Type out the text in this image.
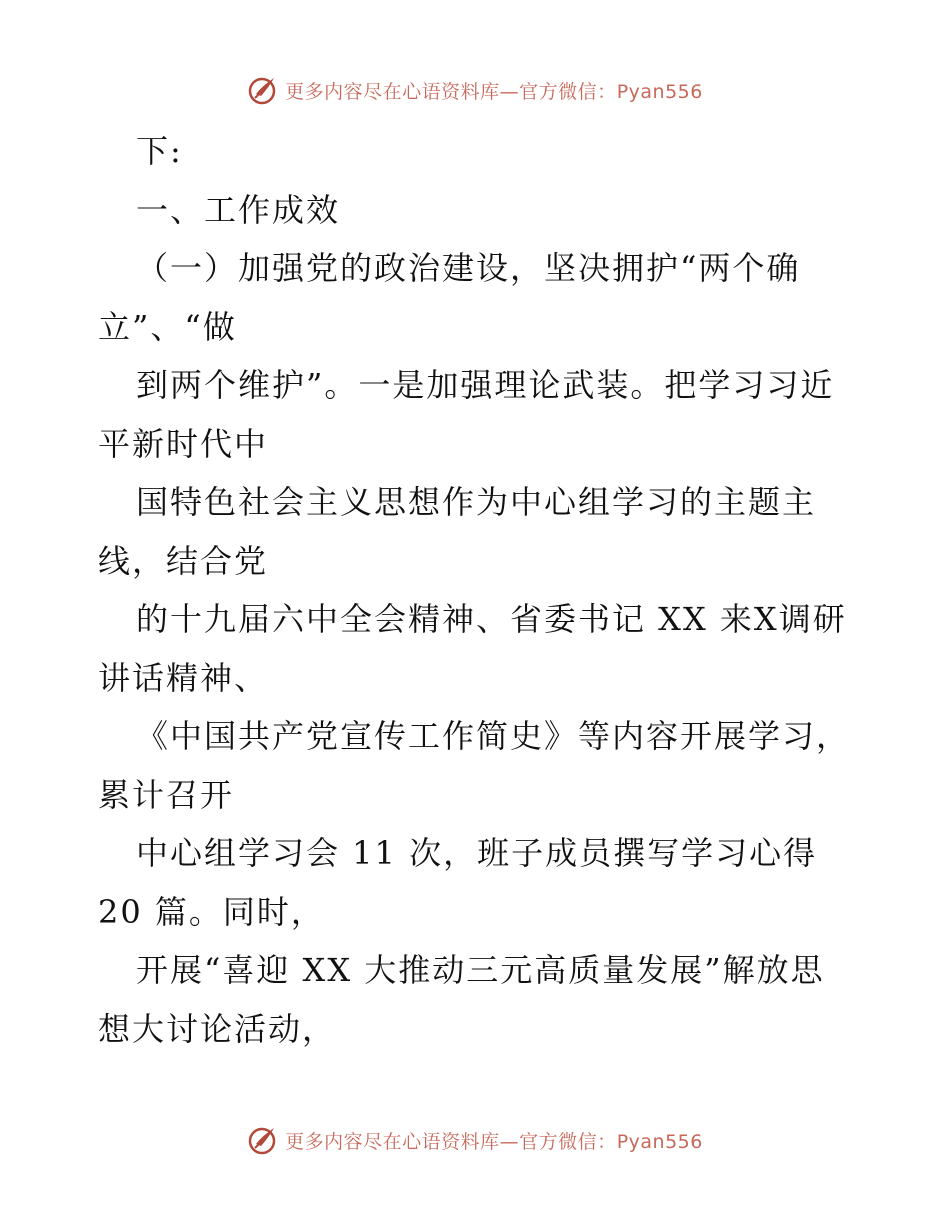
更多内容尽在心语资料库—官方微信：Pyan556
下:
一、工作成效
（一）加强党的政治建设，坚决拥护“两个确
立”、“做
到两个维护”。一是加强理论武装。把学习习近
平新时代中
国特色社会主义思想作为中心组学习的主题主
线，结合党
的十九届六中全会精神、省委书记 XX 来X调研
讲话精神、
《中国共产党宣传工作简史》等内容开展学习，
累计召开
中心组学习会 11 次，班子成员撰写学习心得
20 篇。同时，
开展“喜迎 XX 大推动三元高质量发展”解放思
想大讨论活动，
更多内容尽在心语资料库—官方微信：Pyan556
